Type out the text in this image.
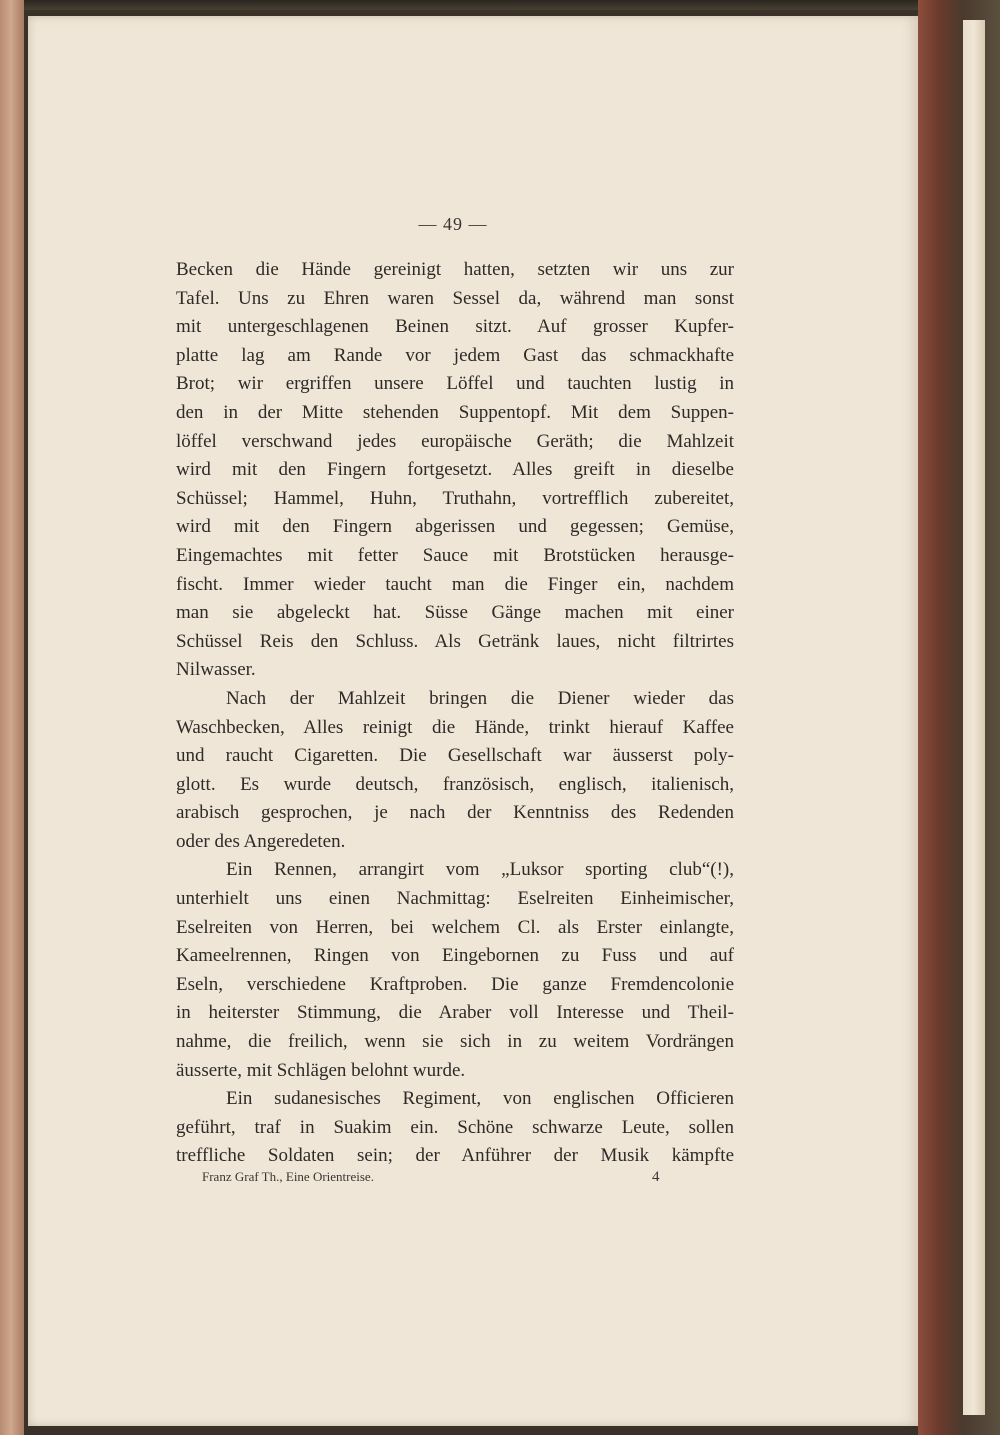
— 49 —
Becken die Hände gereinigt hatten, setzten wir uns zur
Tafel. Uns zu Ehren waren Sessel da, während man sonst
mit untergeschlagenen Beinen sitzt. Auf grosser Kupfer-
platte lag am Rande vor jedem Gast das schmackhafte
Brot; wir ergriffen unsere Löffel und tauchten lustig in
den in der Mitte stehenden Suppentopf. Mit dem Suppen-
löffel verschwand jedes europäische Geräth; die Mahlzeit
wird mit den Fingern fortgesetzt. Alles greift in dieselbe
Schüssel; Hammel, Huhn, Truthahn, vortrefflich zubereitet,
wird mit den Fingern abgerissen und gegessen; Gemüse,
Eingemachtes mit fetter Sauce mit Brotstücken herausge-
fischt. Immer wieder taucht man die Finger ein, nachdem
man sie abgeleckt hat. Süsse Gänge machen mit einer
Schüssel Reis den Schluss. Als Getränk laues, nicht filtrirtes
Nilwasser.
Nach der Mahlzeit bringen die Diener wieder das
Waschbecken, Alles reinigt die Hände, trinkt hierauf Kaffee
und raucht Cigaretten. Die Gesellschaft war äusserst poly-
glott. Es wurde deutsch, französisch, englisch, italienisch,
arabisch gesprochen, je nach der Kenntniss des Redenden
oder des Angeredeten.
Ein Rennen, arrangirt vom „Luksor sporting club“(!),
unterhielt uns einen Nachmittag: Eselreiten Einheimischer,
Eselreiten von Herren, bei welchem Cl. als Erster einlangte,
Kameelrennen, Ringen von Eingebornen zu Fuss und auf
Eseln, verschiedene Kraftproben. Die ganze Fremdencolonie
in heiterster Stimmung, die Araber voll Interesse und Theil-
nahme, die freilich, wenn sie sich in zu weitem Vordrängen
äusserte, mit Schlägen belohnt wurde.
Ein sudanesisches Regiment, von englischen Officieren
geführt, traf in Suakim ein. Schöne schwarze Leute, sollen
treffliche Soldaten sein; der Anführer der Musik kämpfte
Franz Graf Th., Eine Orientreise.	4
